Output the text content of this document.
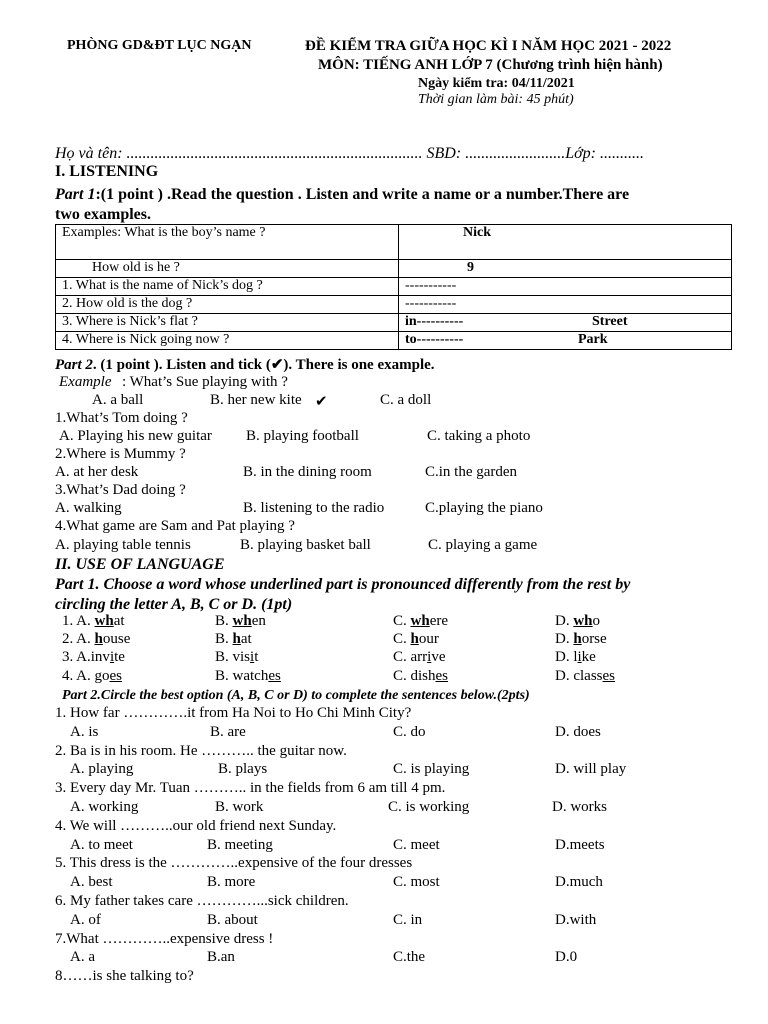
PHÒNG GD&ĐT LỤC NGẠN	ĐỀ KIỂM TRA GIỮA HỌC KÌ I NĂM HỌC 2021 - 2022
MÔN: TIẾNG ANH LỚP 7 (Chương trình hiện hành)
Ngày kiểm tra: 04/11/2021
Thời gian làm bài: 45 phút)
Họ và tên: .......................................................................... SBD: .........................Lớp: ...........
I. LISTENING
Part 1:(1 point ) .Read the question . Listen and write a name or a number.There are
two examples.
Examples: What is the boy’s name ?	Nick
How old is he ?	9
1. What is the name of Nick’s dog ?	-----------
2. How old is the dog ?	-----------
3. Where is Nick’s flat ?	in---------- Street

4. Where is Nick going now ?	to---------- Park
Part 2. (1 point ). Listen and tick (✔). There is one example.
Example : What’s Sue playing with ?
A. a ball	B. her new kite ✔	C. a doll
1.What’s Tom doing ?
A. Playing his new guitar B. playing football	C. taking a photo
2.Where is Mummy ?
A. at her desk	B. in the dining room	C.in the garden
3.What’s Dad doing ?
A. walking	B. listening to the radio	C.playing the piano
4.What game are Sam and Pat playing ?
A. playing table tennis	B. playing basket ball	C. playing a game
II. USE OF LANGUAGE
Part 1. Choose a word whose underlined part is pronounced differently from the rest by
circling the letter A, B, C or D. (1pt)
1. A. what	B. when	C. where	D. who
2. A. house	B. hat	C. hour	D. horse
3. A.invite	B. visit	C. arrive	D. like
4. A. goes	B. watches	C. dishes	D. classes
Part 2.Circle the best option (A, B, C or D) to complete the sentences below.(2pts)
1. How far ………….it from Ha Noi to Ho Chi Minh City?
A. is	B. are	C. do	D. does
2. Ba is in his room. He ……….. the guitar now.
A. playing	B. plays	C. is playing	D. will play
3. Every day Mr. Tuan ……….. in the fields from 6 am till 4 pm.
A. working	B. work	C. is working	D. works
4. We will ………..our old friend next Sunday.
A. to meet	B. meeting	C. meet	D.meets
5. This dress is the …………..expensive of the four dresses
A. best	B. more	C. most	D.much
6. My father takes care …………...sick children.
A. of	B. about	C. in	D.with
7.What …………..expensive dress !
A. a	B.an	C.the	D.0
8……is she talking to?
